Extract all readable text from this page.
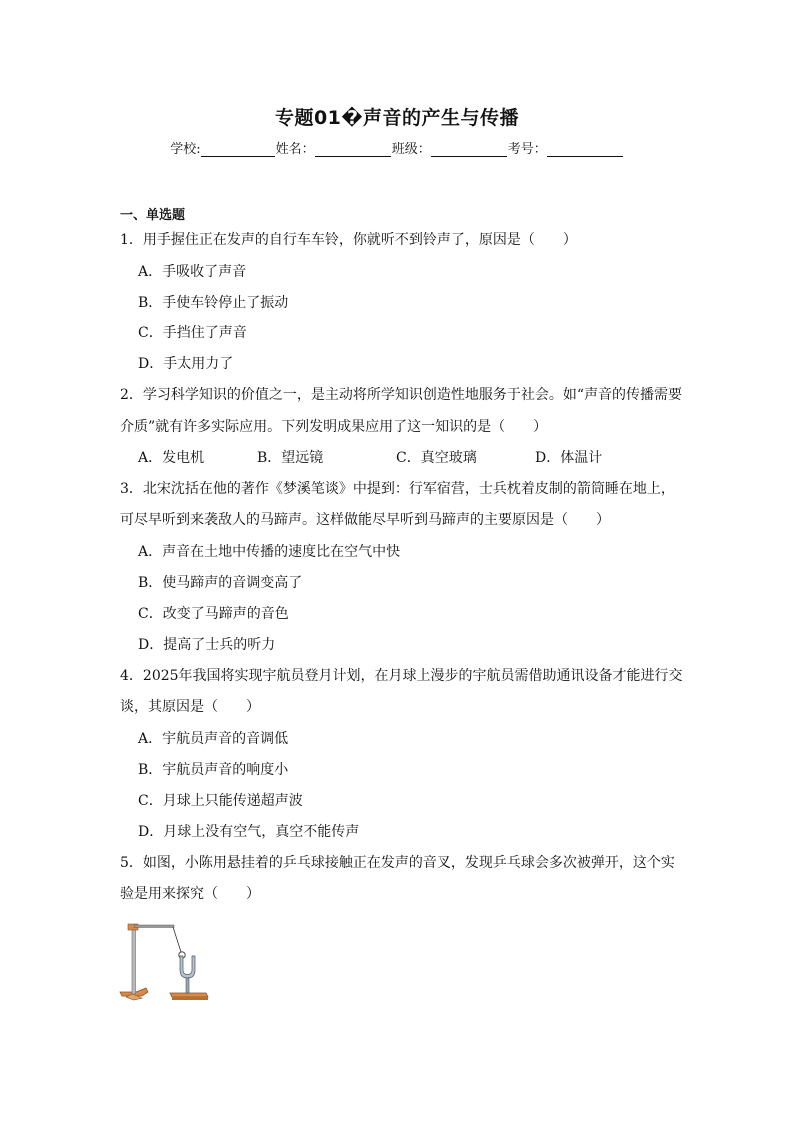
专题01�声音的产生与传播
学校:	姓名：	班级：	考号：
一、单选题
1．用手握住正在发声的自行车车铃，你就听不到铃声了，原因是（　　）
A．手吸收了声音
B．手使车铃停止了振动
C．手挡住了声音
D．手太用力了
2．学习科学知识的价值之一，是主动将所学知识创造性地服务于社会。如“声音的传播需要
介质”就有许多实际应用。下列发明成果应用了这一知识的是（　　）
A．发电机	B．望远镜	C．真空玻璃	D．体温计
3．北宋沈括在他的著作《梦溪笔谈》中提到：行军宿营，士兵枕着皮制的箭筒睡在地上，
可尽早听到来袭敌人的马蹄声。这样做能尽早听到马蹄声的主要原因是（　　）
A．声音在土地中传播的速度比在空气中快
B．使马蹄声的音调变高了
C．改变了马蹄声的音色
D．提高了士兵的听力
4．2025年我国将实现宇航员登月计划，在月球上漫步的宇航员需借助通讯设备才能进行交
谈，其原因是（　　）
A．宇航员声音的音调低
B．宇航员声音的响度小
C．月球上只能传递超声波
D．月球上没有空气，真空不能传声
5．如图，小陈用悬挂着的乒乓球接触正在发声的音叉，发现乒乓球会多次被弹开，这个实
验是用来探究（　　）
